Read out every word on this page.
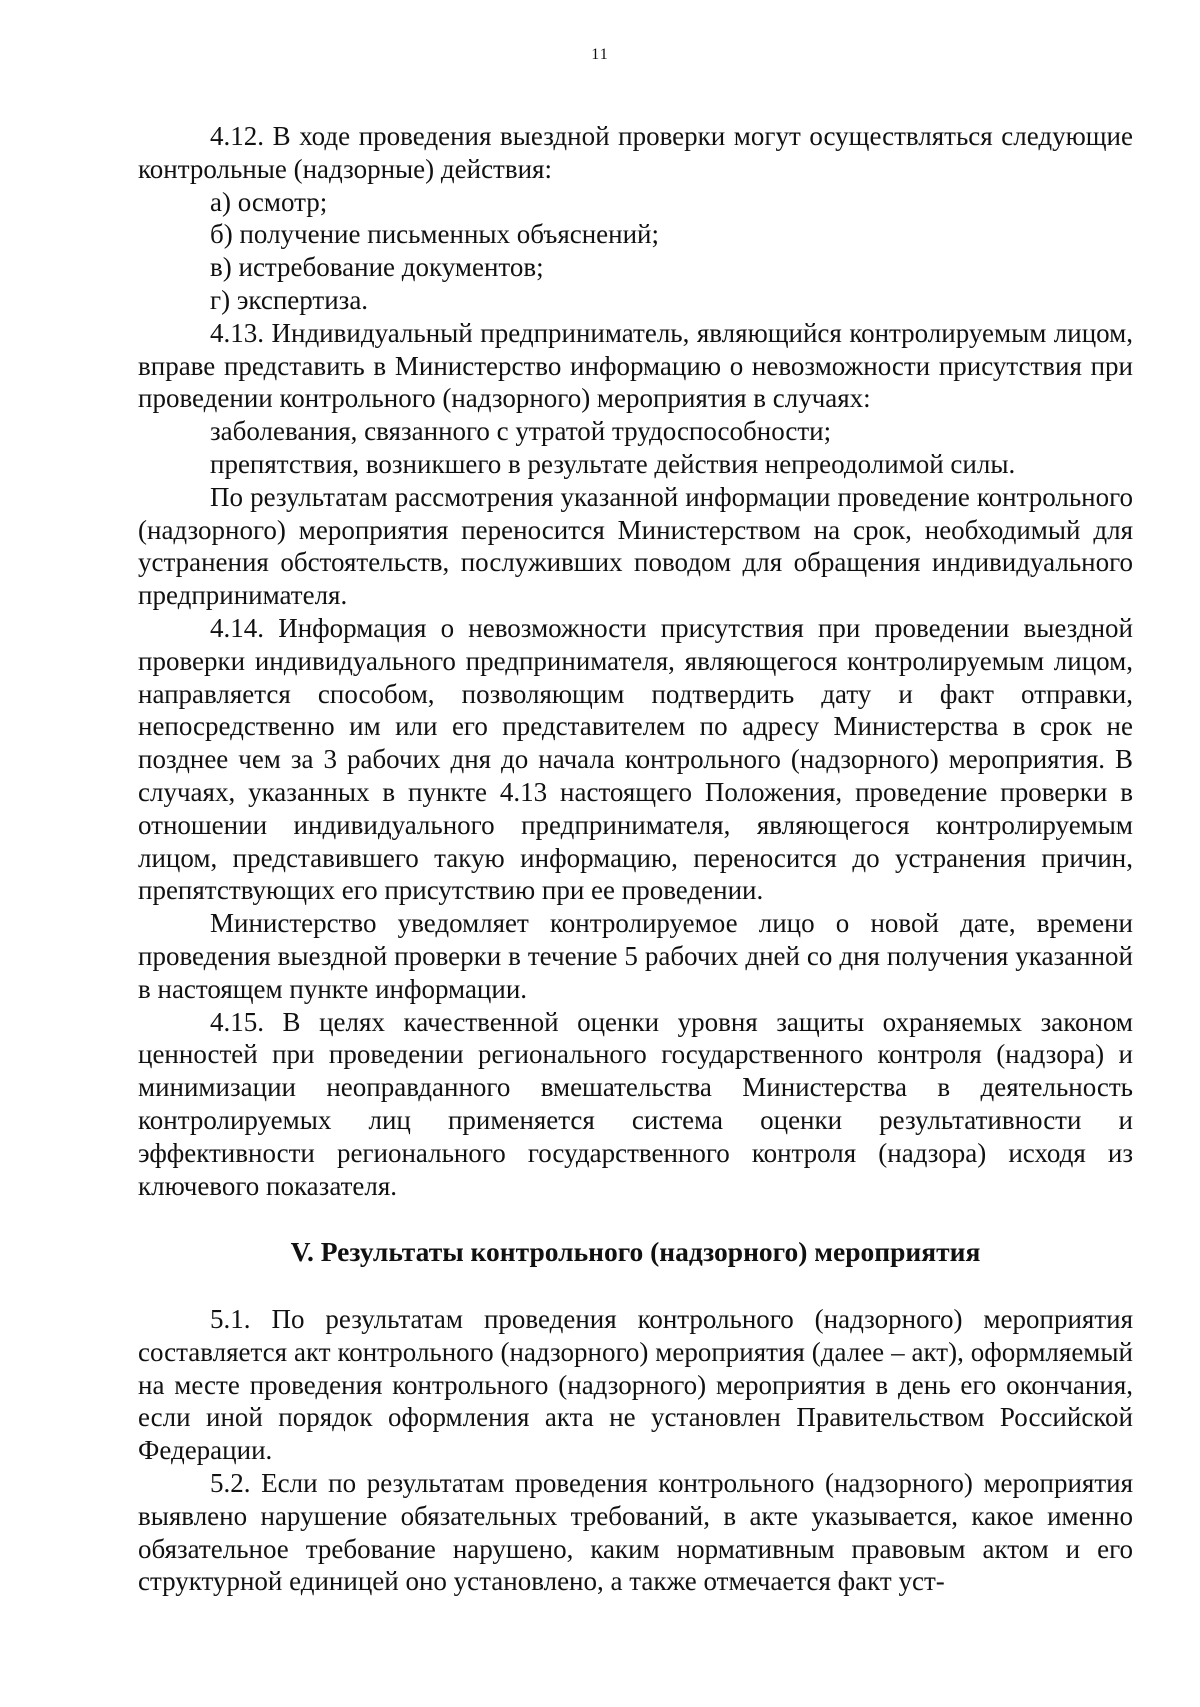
11

4.12. В ходе проведения выездной проверки могут осуществляться следующие контрольные (надзорные) действия:

а) осмотр;

б) получение письменных объяснений;

в) истребование документов;

г) экспертиза.

4.13. Индивидуальный предприниматель, являющийся контролируемым лицом, вправе представить в Министерство информацию о невозможности присутствия при проведении контрольного (надзорного) мероприятия в случаях:

заболевания, связанного с утратой трудоспособности;

препятствия, возникшего в результате действия непреодолимой силы.

По результатам рассмотрения указанной информации проведение контрольного (надзорного) мероприятия переносится Министерством на срок, необходимый для устранения обстоятельств, послуживших поводом для обращения индивидуального предпринимателя.

4.14. Информация о невозможности присутствия при проведении выездной проверки индивидуального предпринимателя, являющегося контролируемым лицом, направляется способом, позволяющим подтвердить дату и факт отправки, непосредственно им или его представителем по адресу Министерства в срок не позднее чем за 3 рабочих дня до начала контрольного (надзорного) мероприятия. В случаях, указанных в пункте 4.13 настоящего Положения, проведение проверки в отношении индивидуального предпринимателя, являющегося контролируемым лицом, представившего такую информацию, переносится до устранения причин, препятствующих его присутствию при ее проведении.

Министерство уведомляет контролируемое лицо о новой дате, времени проведения выездной проверки в течение 5 рабочих дней со дня получения указанной в настоящем пункте информации.

4.15. В целях качественной оценки уровня защиты охраняемых законом ценностей при проведении регионального государственного контроля (надзора) и минимизации неоправданного вмешательства Министерства в деятельность контролируемых лиц применяется система оценки результативности и эффективности регионального государственного контроля (надзора) исходя из ключевого показателя.

V. Результаты контрольного (надзорного) мероприятия

5.1. По результатам проведения контрольного (надзорного) мероприятия составляется акт контрольного (надзорного) мероприятия (далее – акт), оформляемый на месте проведения контрольного (надзорного) мероприятия в день его окончания, если иной порядок оформления акта не установлен Правительством Российской Федерации.

5.2. Если по результатам проведения контрольного (надзорного) мероприятия выявлено нарушение обязательных требований, в акте указывается, какое именно обязательное требование нарушено, каким нормативным правовым актом и его структурной единицей оно установлено, а также отмечается факт уст-
